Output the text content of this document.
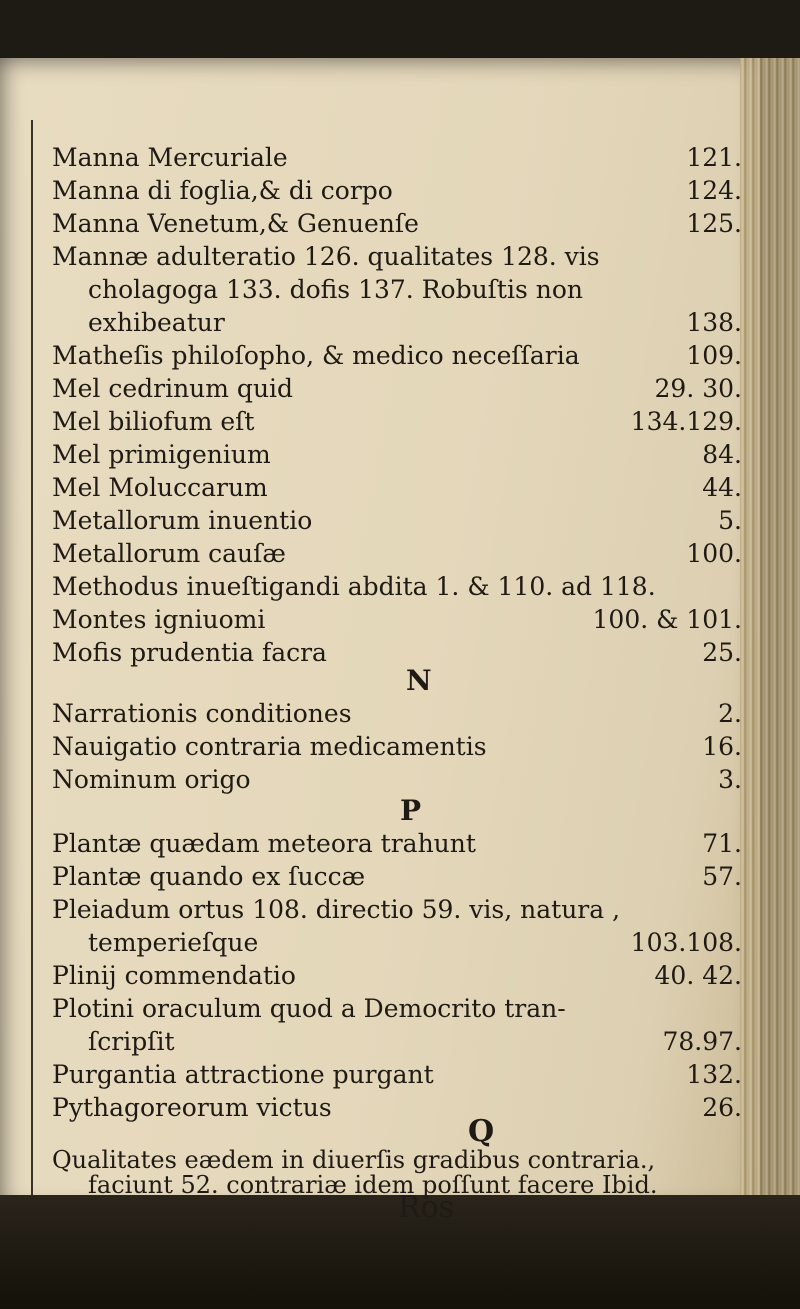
Manna Mercuriale	121.
Manna di foglia,& di corpo	124.
Manna Venetum,& Genuenſe	125.
Mannæ adulteratio 126. qualitates 128. vis
cholagoga 133. dofis 137. Robuſtis non
exhibeatur	138.
Matheſis philoſopho, & medico neceſſaria	109.
Mel cedrinum quid	29. 30.
Mel biliofum eſt	134.129.
Mel primigenium	84.
Mel Moluccarum	44.
Metallorum inuentio	5.
Metallorum cauſæ	100.
Methodus inueſtigandi abdita 1. & 110. ad 118.
Montes igniuomi	100. & 101.
Mofis prudentia facra	25.
N
Narrationis conditiones	2.
Nauigatio contraria medicamentis	16.
Nominum origo	3.
P
Plantæ quædam meteora trahunt	71.
Plantæ quando ex ſuccæ	57.
Pleiadum ortus 108. directio 59. vis, natura ,
temperieſque	103.108.
Plinij commendatio	40. 42.
Plotini oraculum quod a Democrito tran-
ſcripſit	78.97.
Purgantia attractione purgant	132.
Pythagoreorum victus	26.
Q
Qualitates eædem in diuerſis gradibus contraria.,
faciunt 52. contrariæ idem poſſunt facere Ibid.
Ros
